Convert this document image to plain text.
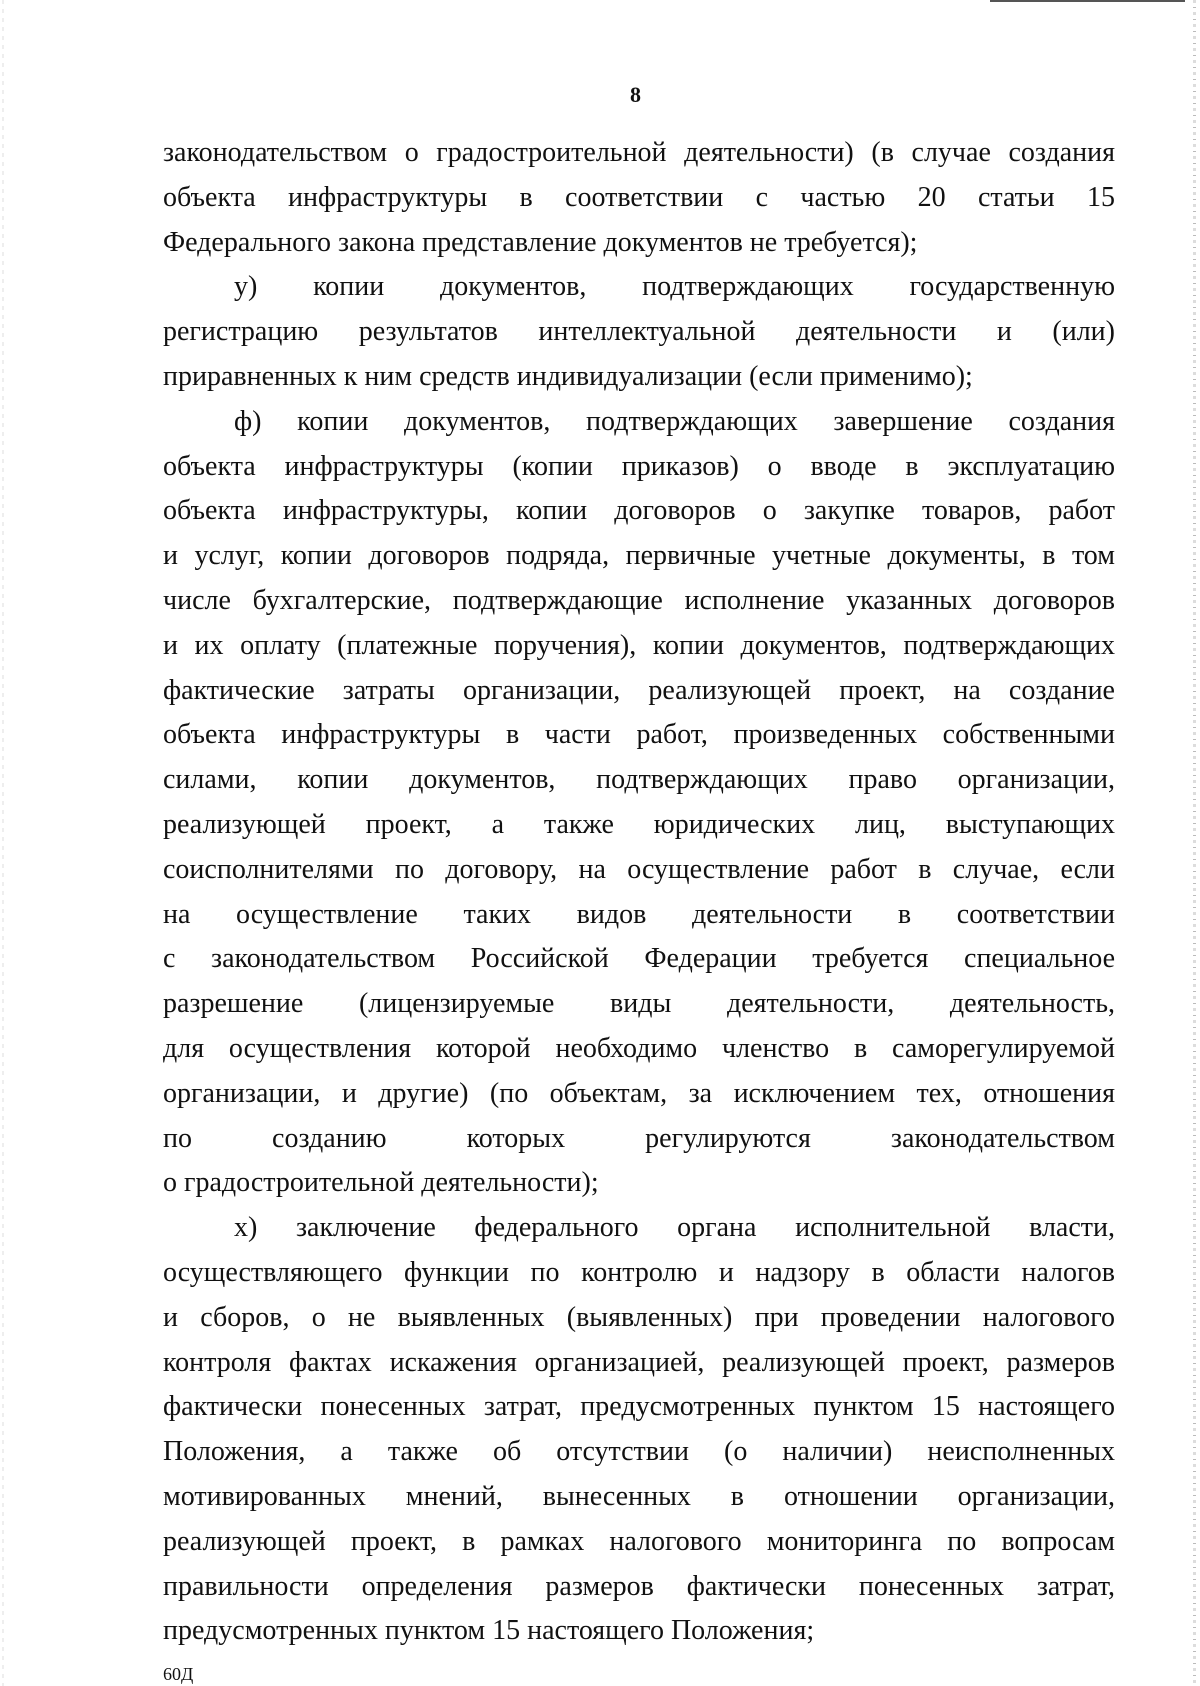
8
законодательством о градостроительной деятельности) (в случае создания
объекта инфраструктуры в соответствии с частью 20 статьи 15
Федерального закона представление документов не требуется);
у) копии документов, подтверждающих государственную
регистрацию результатов интеллектуальной деятельности и (или)
приравненных к ним средств индивидуализации (если применимо);
ф) копии документов, подтверждающих завершение создания
объекта инфраструктуры (копии приказов) о вводе в эксплуатацию
объекта инфраструктуры, копии договоров о закупке товаров, работ
и услуг, копии договоров подряда, первичные учетные документы, в том
числе бухгалтерские, подтверждающие исполнение указанных договоров
и их оплату (платежные поручения), копии документов, подтверждающих
фактические затраты организации, реализующей проект, на создание
объекта инфраструктуры в части работ, произведенных собственными
силами, копии документов, подтверждающих право организации,
реализующей проект, а также юридических лиц, выступающих
соисполнителями по договору, на осуществление работ в случае, если
на осуществление таких видов деятельности в соответствии
с законодательством Российской Федерации требуется специальное
разрешение (лицензируемые виды деятельности, деятельность,
для осуществления которой необходимо членство в саморегулируемой
организации, и другие) (по объектам, за исключением тех, отношения
по созданию которых регулируются законодательством
о градостроительной деятельности);
х) заключение федерального органа исполнительной власти,
осуществляющего функции по контролю и надзору в области налогов
и сборов, о не выявленных (выявленных) при проведении налогового
контроля фактах искажения организацией, реализующей проект, размеров
фактически понесенных затрат, предусмотренных пунктом 15 настоящего
Положения, а также об отсутствии (о наличии) неисполненных
мотивированных мнений, вынесенных в отношении организации,
реализующей проект, в рамках налогового мониторинга по вопросам
правильности определения размеров фактически понесенных затрат,
предусмотренных пунктом 15 настоящего Положения;
60Д
